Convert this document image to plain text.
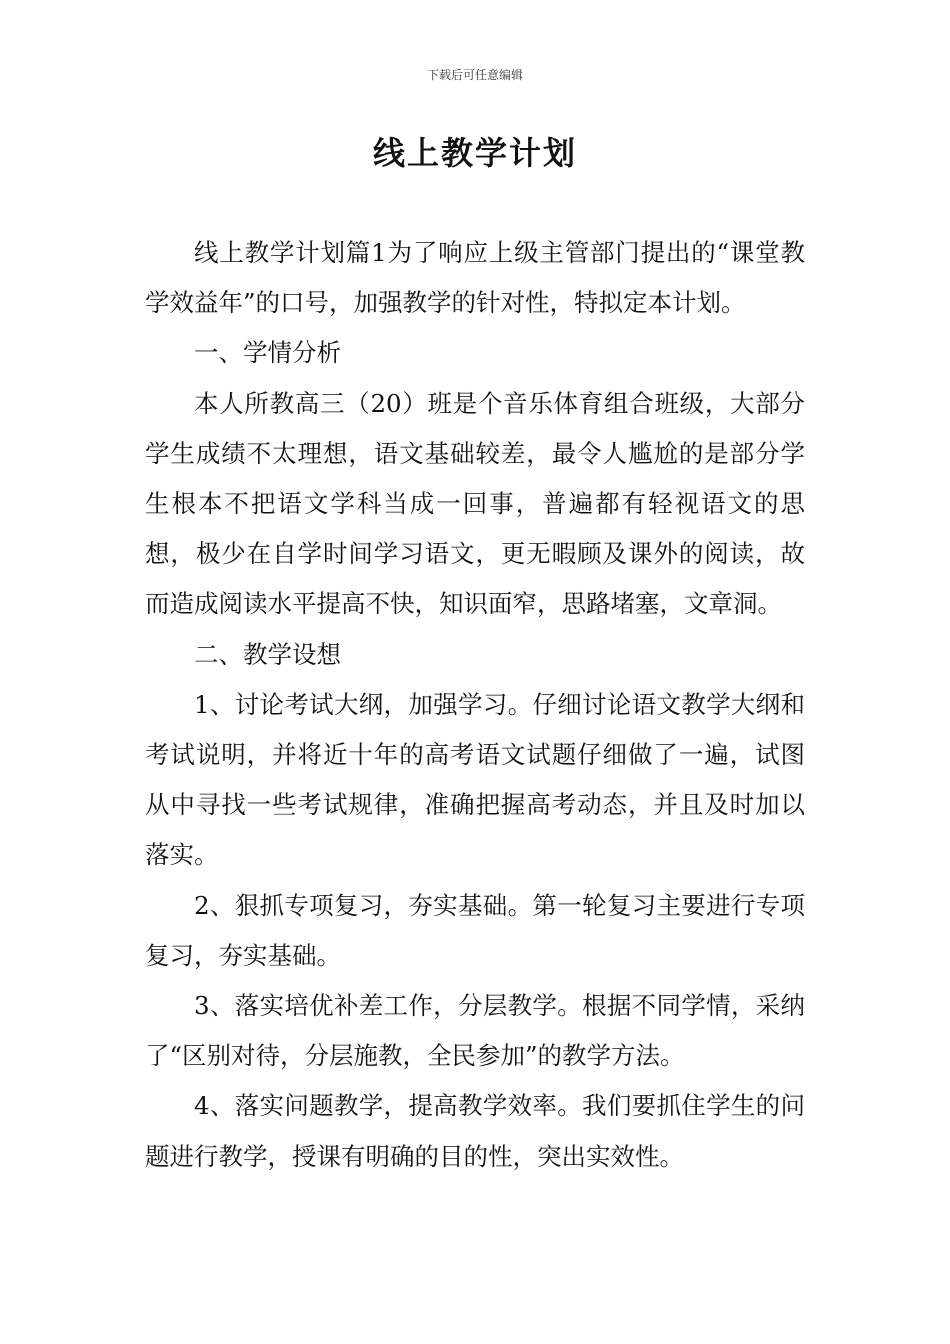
下载后可任意编辑
线上教学计划

线上教学计划篇1为了响应上级主管部门提出的“课堂教学效益年”的口号，加强教学的针对性，特拟定本计划。

一、学情分析

本人所教高三（20）班是个音乐体育组合班级，大部分学生成绩不太理想，语文基础较差，最令人尴尬的是部分学生根本不把语文学科当成一回事，普遍都有轻视语文的思想，极少在自学时间学习语文，更无暇顾及课外的阅读，故而造成阅读水平提高不快，知识面窄，思路堵塞，文章洞。

二、教学设想

1、讨论考试大纲，加强学习。仔细讨论语文教学大纲和考试说明，并将近十年的高考语文试题仔细做了一遍，试图从中寻找一些考试规律，准确把握高考动态，并且及时加以落实。

2、狠抓专项复习，夯实基础。第一轮复习主要进行专项复习，夯实基础。

3、落实培优补差工作，分层教学。根据不同学情，采纳了“区别对待，分层施教，全民参加”的教学方法。

4、落实问题教学，提高教学效率。我们要抓住学生的问题进行教学，授课有明确的目的性，突出实效性。
